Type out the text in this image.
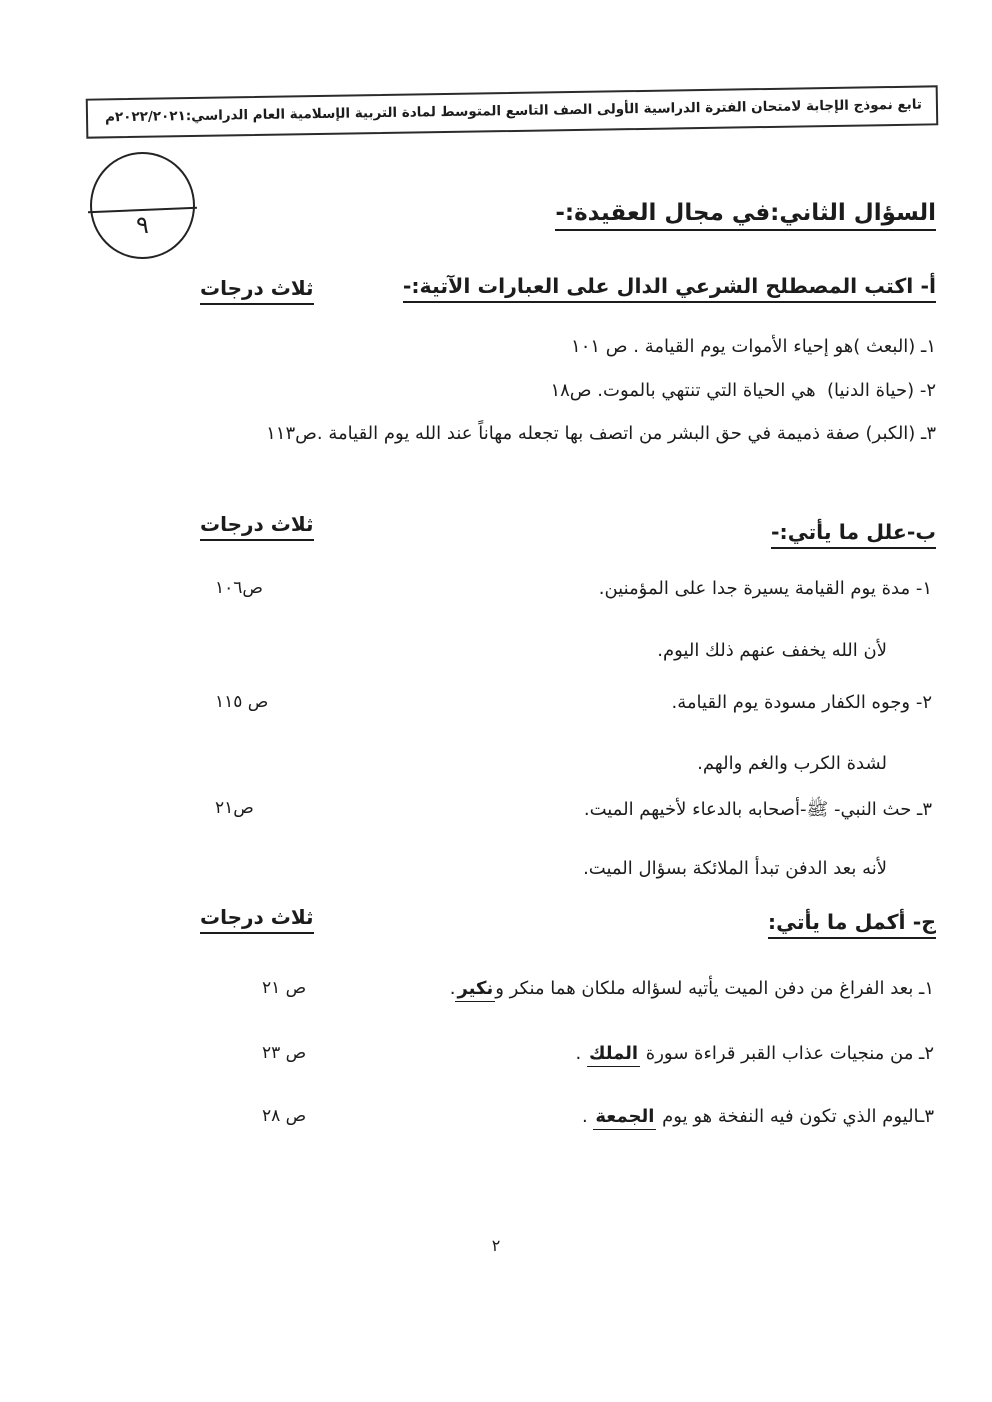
تابع نموذج الإجابة لامتحان الفترة الدراسية الأولى الصف التاسع المتوسط لمادة التربية الإسلامية العام الدراسي:٢٠٢٢/٢٠٢١م
٩	السؤال الثاني:في مجال العقيدة:-
أ- اكتب المصطلح الشرعي الدال على العبارات الآتية:-
ثلاث درجات
١ـ (البعث )هو إحياء الأموات يوم القيامة . ص ١٠١
٢- (حياة الدنيا)  هي الحياة التي تنتهي بالموت. ص١٨
٣ـ (الكبر) صفة ذميمة في حق البشر من اتصف بها تجعله مهاناً عند الله يوم القيامة .ص١١٣
ب-علل ما يأتي:-
ثلاث درجات
١- مدة يوم القيامة يسيرة جدا على المؤمنين.
ص١٠٦
لأن الله يخفف عنهم ذلك اليوم.
٢- وجوه الكفار مسودة يوم القيامة.
ص ١١٥
لشدة الكرب والغم والهم.
٣ـ حث النبي- ﷺ-أصحابه بالدعاء لأخيهم الميت.
ص٢١
لأنه بعد الدفن تبدأ الملائكة بسؤال الميت.
ج- أكمل ما يأتي:
ثلاث درجات
١ـ بعد الفراغ من دفن الميت يأتيه لسؤاله ملكان هما منكر ونكير.
ص ٢١
٢ـ من منجيات عذاب القبر قراءة سورة الملك .
ص ٢٣
٣ـاليوم الذي تكون فيه النفخة هو يوم الجمعة .
ص ٢٨
٢
